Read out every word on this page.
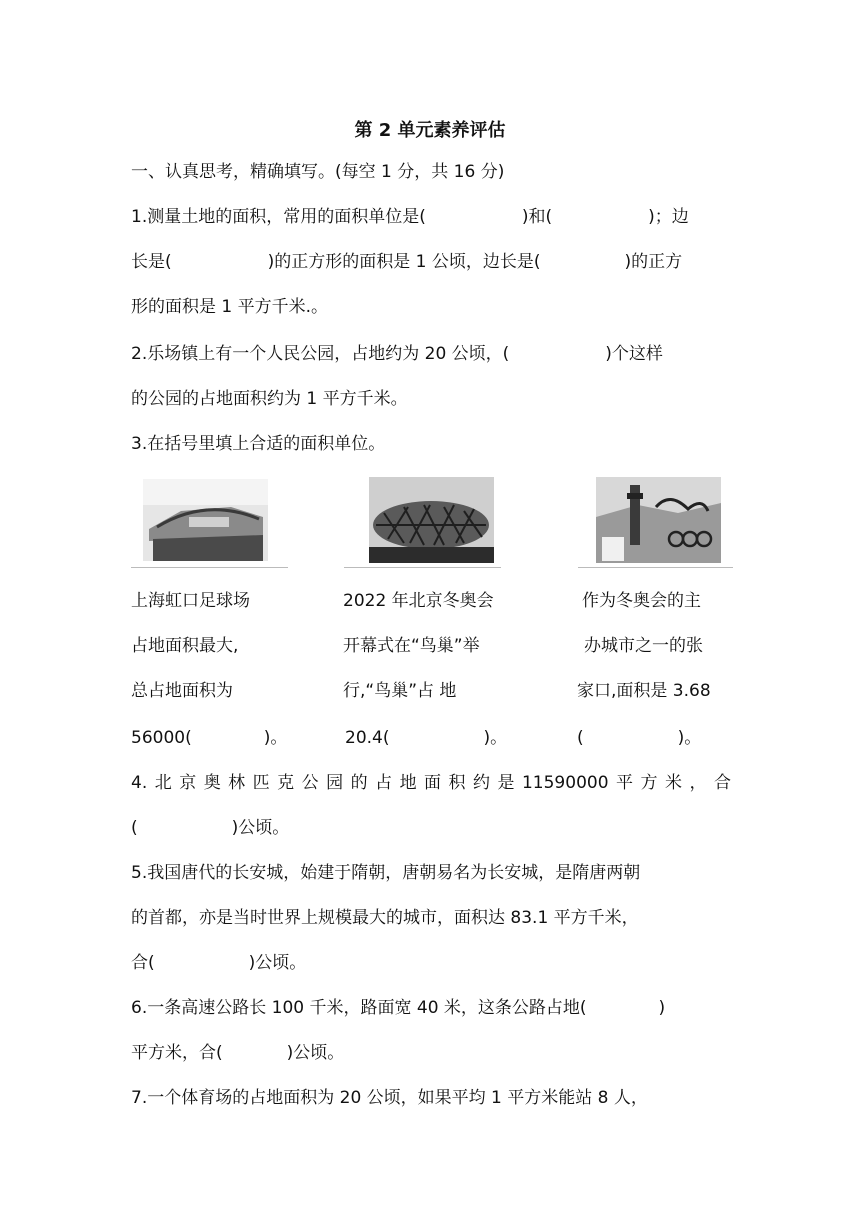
第 2 单元素养评估
一、认真思考，精确填写。(每空 1 分，共 16 分)
1.测量土地的面积，常用的面积单位是(	)和(	)；边
长是(	)的正方形的面积是 1 公顷，边长是(	)的正方
形的面积是 1 平方千米.。
2.乐场镇上有一个人民公园，占地约为 20 公顷，(	)个这样
的公园的占地面积约为 1 平方千米。
3.在括号里填上合适的面积单位。
上海虹口足球场
占地面积最大,
总占地面积为
56000(	)。
2022 年北京冬奥会
开幕式在“鸟巢”举
行,“鸟巢”占 地
20.4(	)。
作为冬奥会的主
办城市之一的张
家口,面积是 3.68
(	)。
4. 北 京 奥 林 匹 克 公 园 的 占 地 面 积 约 是 11590000 平 方 米 ， 合
(	)公顷。
5.我国唐代的长安城，始建于隋朝，唐朝易名为长安城，是隋唐两朝
的首都，亦是当时世界上规模最大的城市，面积达 83.1 平方千米，
合(	)公顷。
6.一条高速公路长 100 千米，路面宽 40 米，这条公路占地(	)
平方米，合(	)公顷。
7.一个体育场的占地面积为 20 公顷，如果平均 1 平方米能站 8 人，
